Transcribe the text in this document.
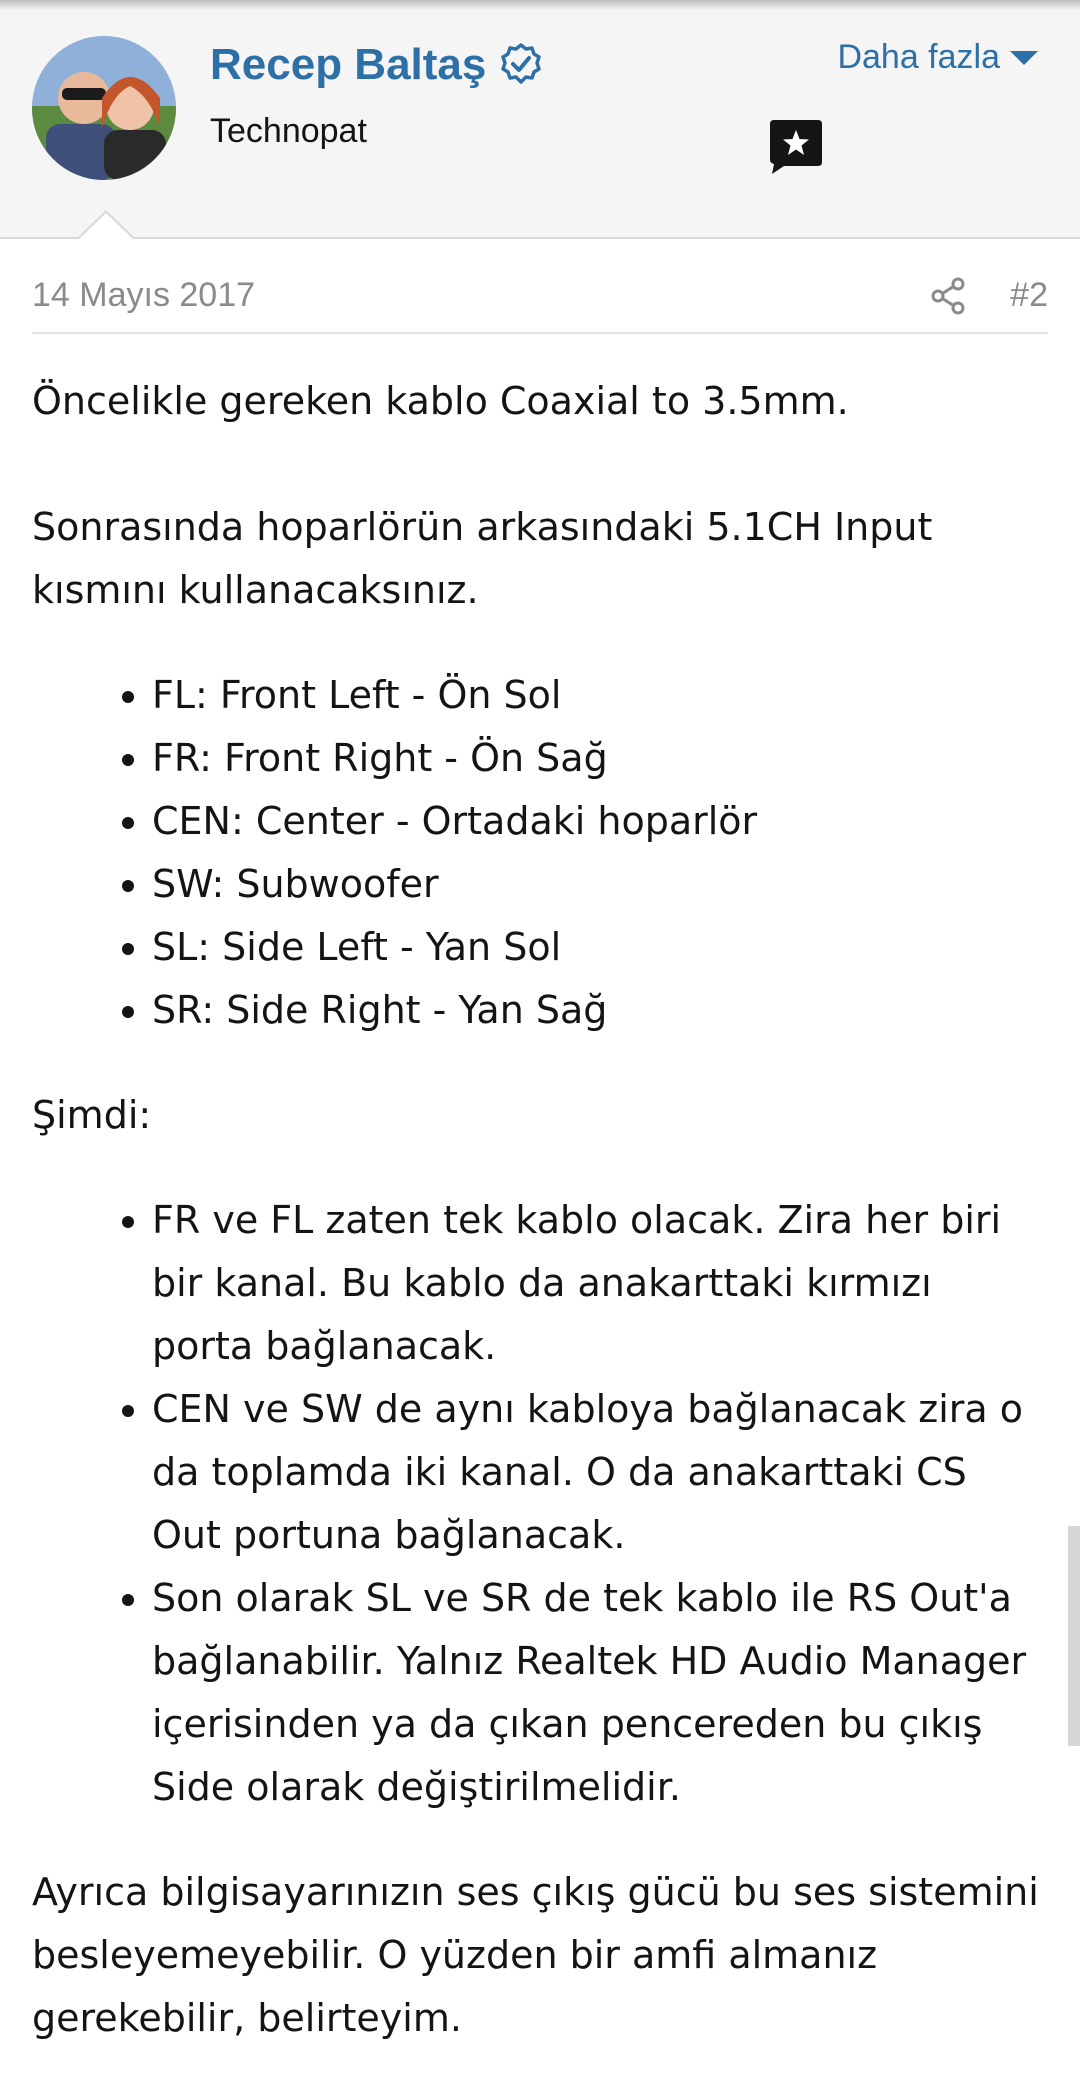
Recep Baltaş
Technopat
Daha fazla
14 Mayıs 2017	#2

Öncelikle gereken kablo Coaxial to 3.5mm.

Sonrasında hoparlörün arkasındaki 5.1CH Input kısmını kullanacaksınız.

• FL: Front Left - Ön Sol
• FR: Front Right - Ön Sağ
• CEN: Center - Ortadaki hoparlör
• SW: Subwoofer
• SL: Side Left - Yan Sol
• SR: Side Right - Yan Sağ

Şimdi:

• FR ve FL zaten tek kablo olacak. Zira her biri bir kanal. Bu kablo da anakarttaki kırmızı porta bağlanacak.
• CEN ve SW de aynı kabloya bağlanacak zira o da toplamda iki kanal. O da anakarttaki CS Out portuna bağlanacak.
• Son olarak SL ve SR de tek kablo ile RS Out'a bağlanabilir. Yalnız Realtek HD Audio Manager içerisinden ya da çıkan pencereden bu çıkış Side olarak değiştirilmelidir.

Ayrıca bilgisayarınızın ses çıkış gücü bu ses sistemini besleyemeyebilir. O yüzden bir amfi almanız gerekebilir, belirteyim.
